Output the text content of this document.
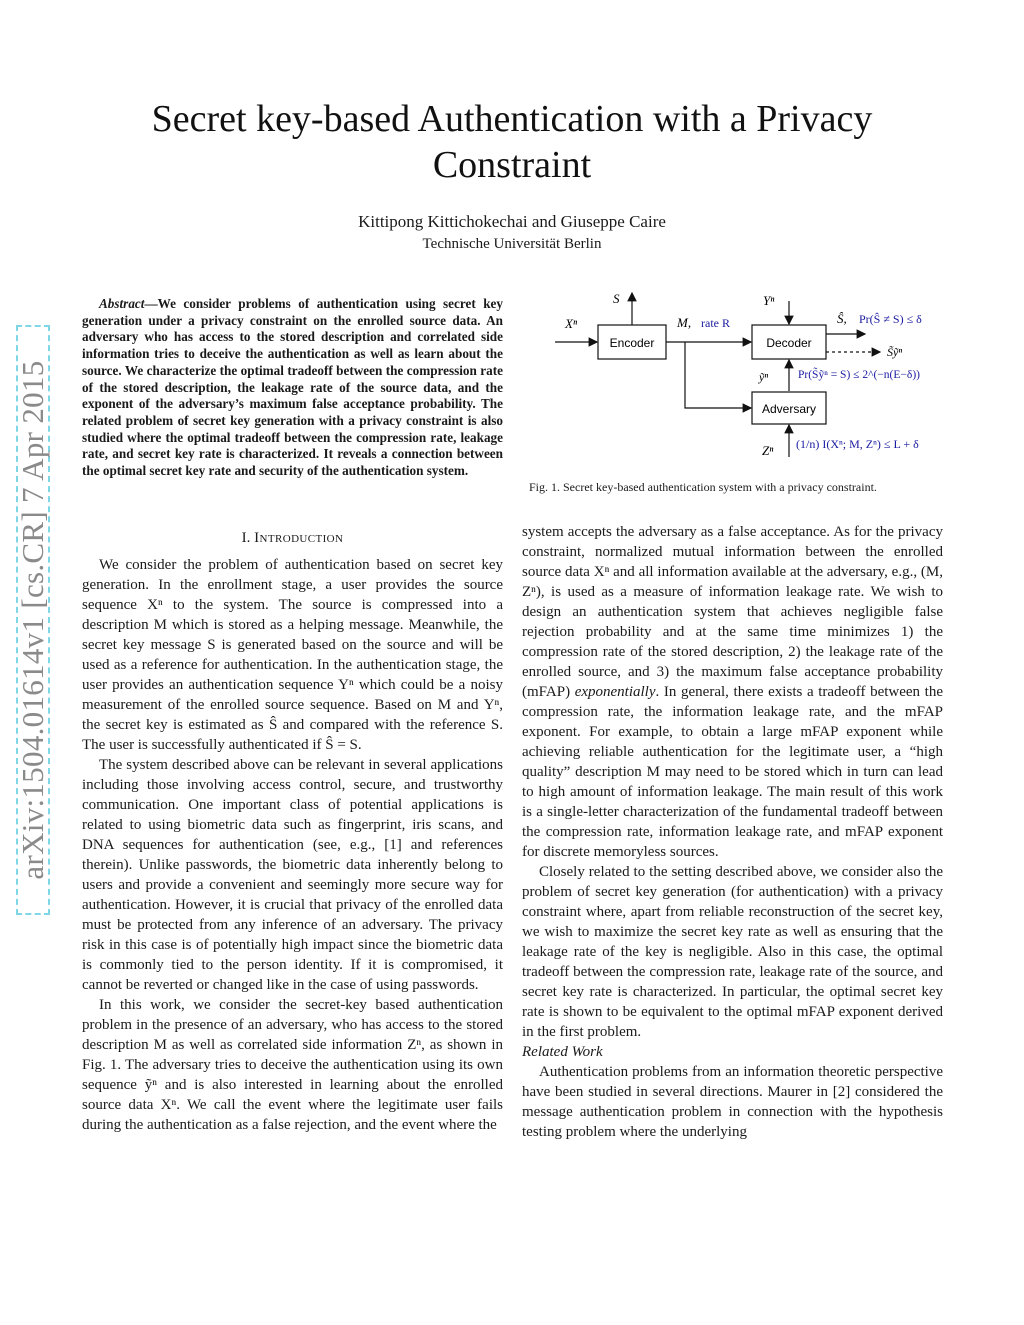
arXiv:1504.01614v1 [cs.CR] 7 Apr 2015
Secret key-based Authentication with a Privacy
Constraint
Kittipong Kittichokechai and Giuseppe Caire
Technische Universität Berlin

Abstract—We consider problems of authentication using secret key generation under a privacy constraint on the enrolled source data. An adversary who has access to the stored description and correlated side information tries to deceive the authentication as well as learn about the source. We characterize the optimal tradeoff between the compression rate of the stored description, the leakage rate of the source data, and the exponent of the adversary’s maximum false acceptance probability. The related problem of secret key generation with a privacy constraint is also studied where the optimal tradeoff between the compression rate, leakage rate, and secret key rate is characterized. It reveals a connection between the optimal secret key rate and security of the authentication system.

I. Introduction

We consider the problem of authentication based on secret key generation. In the enrollment stage, a user provides the source sequence Xⁿ to the system. The source is compressed into a description M which is stored as a helping message. Meanwhile, the secret key message S is generated based on the source and will be used as a reference for authentication. In the authentication stage, the user provides an authentication sequence Yⁿ which could be a noisy measurement of the enrolled source sequence. Based on M and Yⁿ, the secret key is estimated as Ŝ and compared with the reference S. The user is successfully authenticated if Ŝ = S.

The system described above can be relevant in several applications including those involving access control, secure, and trustworthy communication. One important class of potential applications is related to using biometric data such as fingerprint, iris scans, and DNA sequences for authentication (see, e.g., [1] and references therein). Unlike passwords, the biometric data inherently belong to users and provide a convenient and seemingly more secure way for authentication. However, it is crucial that privacy of the enrolled data must be protected from any inference of an adversary. The privacy risk in this case is of potentially high impact since the biometric data is commonly tied to the person identity. If it is compromised, it cannot be reverted or changed like in the case of using passwords.

In this work, we consider the secret-key based authentication problem in the presence of an adversary, who has access to the stored description M as well as correlated side information Zⁿ, as shown in Fig. 1. The adversary tries to deceive the authentication using its own sequence ỹⁿ and is also interested in learning about the enrolled source data Xⁿ. We call the event where the legitimate user fails during the authentication as a false rejection, and the event where the

Encoder	Decoder
Adversary
Xⁿ
S
M, rate R
Yⁿ
Ŝ, Pr(Ŝ ≠ S) ≤ δ
S̃ỹⁿ
ỹⁿ	Pr(S̃ỹⁿ = S) ≤ 2^(−n(E−δ))
Zⁿ (1/n) I(Xⁿ; M, Zⁿ) ≤ L + δ
Fig. 1. Secret key-based authentication system with a privacy constraint.

system accepts the adversary as a false acceptance. As for the privacy constraint, normalized mutual information between the enrolled source data Xⁿ and all information available at the adversary, e.g., (M, Zⁿ), is used as a measure of information leakage rate. We wish to design an authentication system that achieves negligible false rejection probability and at the same time minimizes 1) the compression rate of the stored description, 2) the leakage rate of the enrolled source, and 3) the maximum false acceptance probability (mFAP) exponentially. In general, there exists a tradeoff between the compression rate, the information leakage rate, and the mFAP exponent. For example, to obtain a large mFAP exponent while achieving reliable authentication for the legitimate user, a “high quality” description M may need to be stored which in turn can lead to high amount of information leakage. The main result of this work is a single-letter characterization of the fundamental tradeoff between the compression rate, information leakage rate, and mFAP exponent for discrete memoryless sources.

Closely related to the setting described above, we consider also the problem of secret key generation (for authentication) with a privacy constraint where, apart from reliable reconstruction of the secret key, we wish to maximize the secret key rate as well as ensuring that the leakage rate of the key is negligible. Also in this case, the optimal tradeoff between the compression rate, leakage rate of the source, and secret key rate is characterized. In particular, the optimal secret key rate is shown to be equivalent to the optimal mFAP exponent derived in the first problem.

Related Work

Authentication problems from an information theoretic perspective have been studied in several directions. Maurer in [2] considered the message authentication problem in connection with the hypothesis testing problem where the underlying
